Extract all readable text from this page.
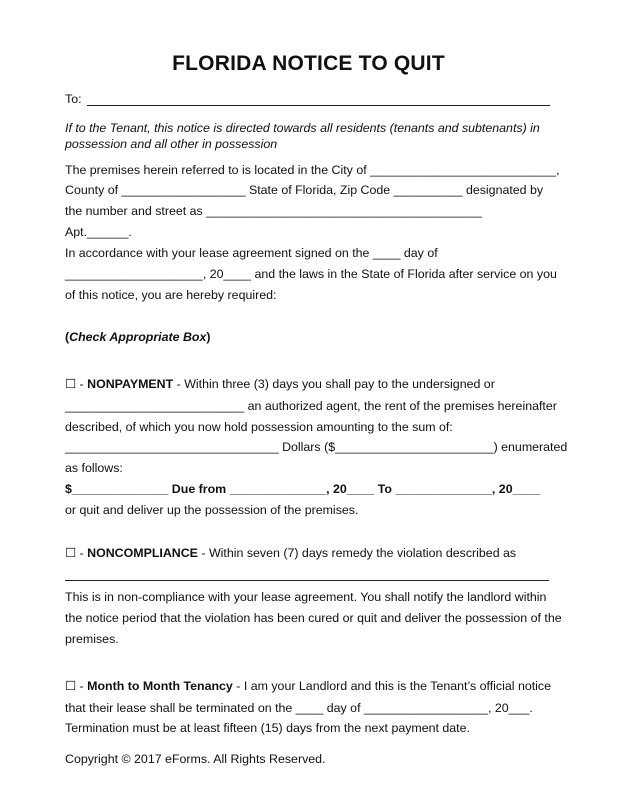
FLORIDA NOTICE TO QUIT

To:

If to the Tenant, this notice is directed towards all residents (tenants and subtenants) in

possession and all other in possession

The premises herein referred to is located in the City of ___________________________,

County of __________________ State of Florida, Zip Code __________ designated by

the number and street as ________________________________________

Apt.______.

In accordance with your lease agreement signed on the ____ day of

____________________, 20____ and the laws in the State of Florida after service on you

of this notice, you are hereby required:

(Check Appropriate Box)

☐ - NONPAYMENT - Within three (3) days you shall pay to the undersigned or

__________________________ an authorized agent, the rent of the premises hereinafter

described, of which you now hold possession amounting to the sum of:

_______________________________ Dollars ($_______________________) enumerated

as follows:

$______________ Due from ______________, 20____ To ______________, 20____

or quit and deliver up the possession of the premises.

☐ - NONCOMPLIANCE - Within seven (7) days remedy the violation described as

This is in non-compliance with your lease agreement. You shall notify the landlord within

the notice period that the violation has been cured or quit and deliver the possession of the

premises.

☐ - Month to Month Tenancy - I am your Landlord and this is the Tenant’s official notice

that their lease shall be terminated on the ____ day of __________________, 20___.

Termination must be at least fifteen (15) days from the next payment date.

Copyright © 2017 eForms. All Rights Reserved.
